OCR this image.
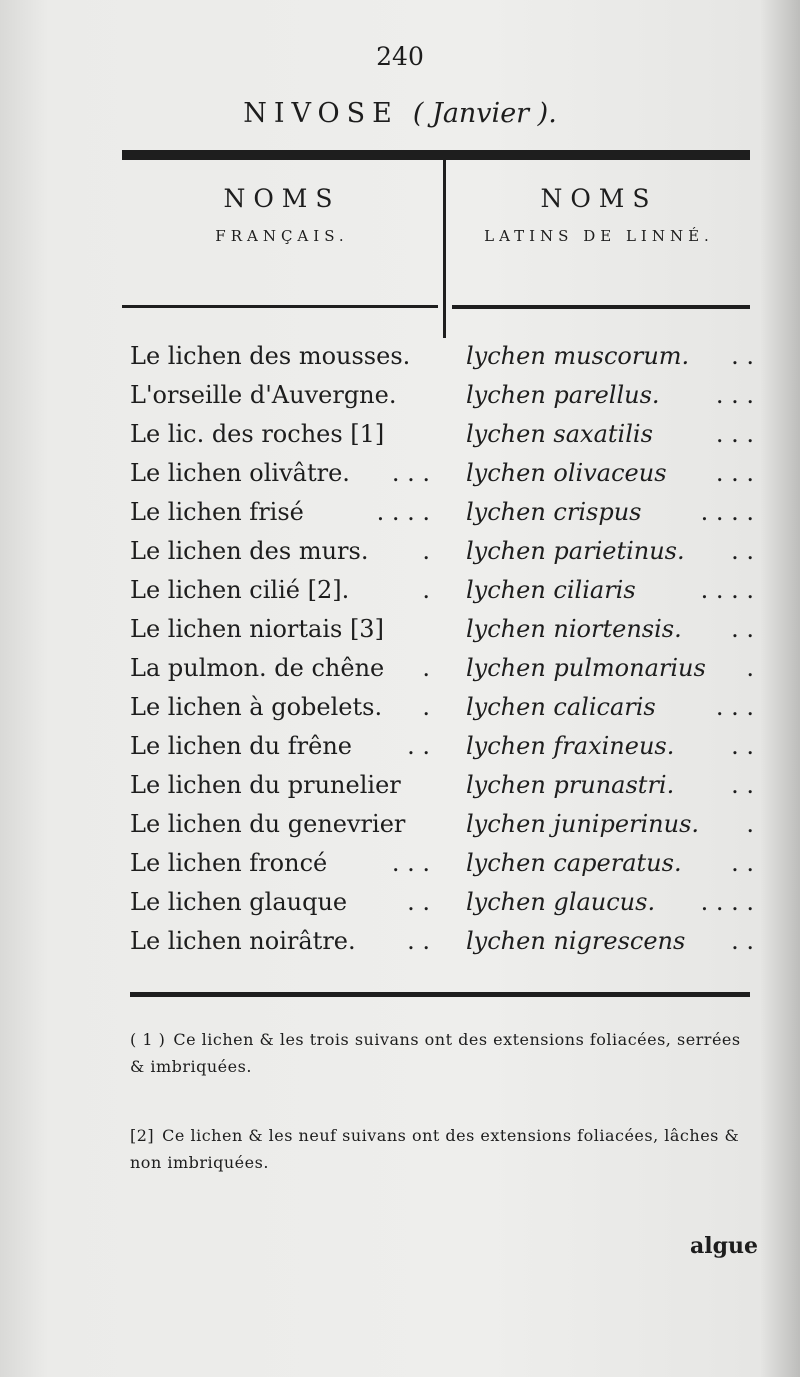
240
NIVOSE ( Janvier ).
NOMS
FRANÇAIS.
NOMS
LATINS DE LINNÉ.
Le lichen des mousses. lychen muscorum. . .
L'orseille d'Auvergne.	lychen parellus. . . .
Le lic. des roches [1]	lychen saxatilis	. . .
Le lichen olivâtre. . . . lychen olivaceus . . .
Le lichen frisé	. . . . lychen crispus . . . .
Le lichen des murs. . lychen parietinus. . .
Le lichen cilié [2].	. lychen ciliaris	. . . .
Le lichen niortais [3]	lychen niortensis. . .
La pulmon. de chêne . lychen pulmonarius .
Le lichen à gobelets. . lychen calicaris	. . .
Le lichen du frêne . . lychen fraxineus. . .
Le lichen du prunelier	lychen prunastri. . .
Le lichen du genevrier	lychen juniperinus. .
Le lichen froncé	. . . lychen caperatus. . .
Le lichen glauque . . lychen glaucus. . . . .
Le lichen noirâtre. . . lychen nigrescens . .
( 1 ) Ce lichen & les trois suivans ont des extensions foliacées, serrées & imbriquées.
[2] Ce lichen & les neuf suivans ont des extensions foliacées, lâches & non imbriquées.
algue
